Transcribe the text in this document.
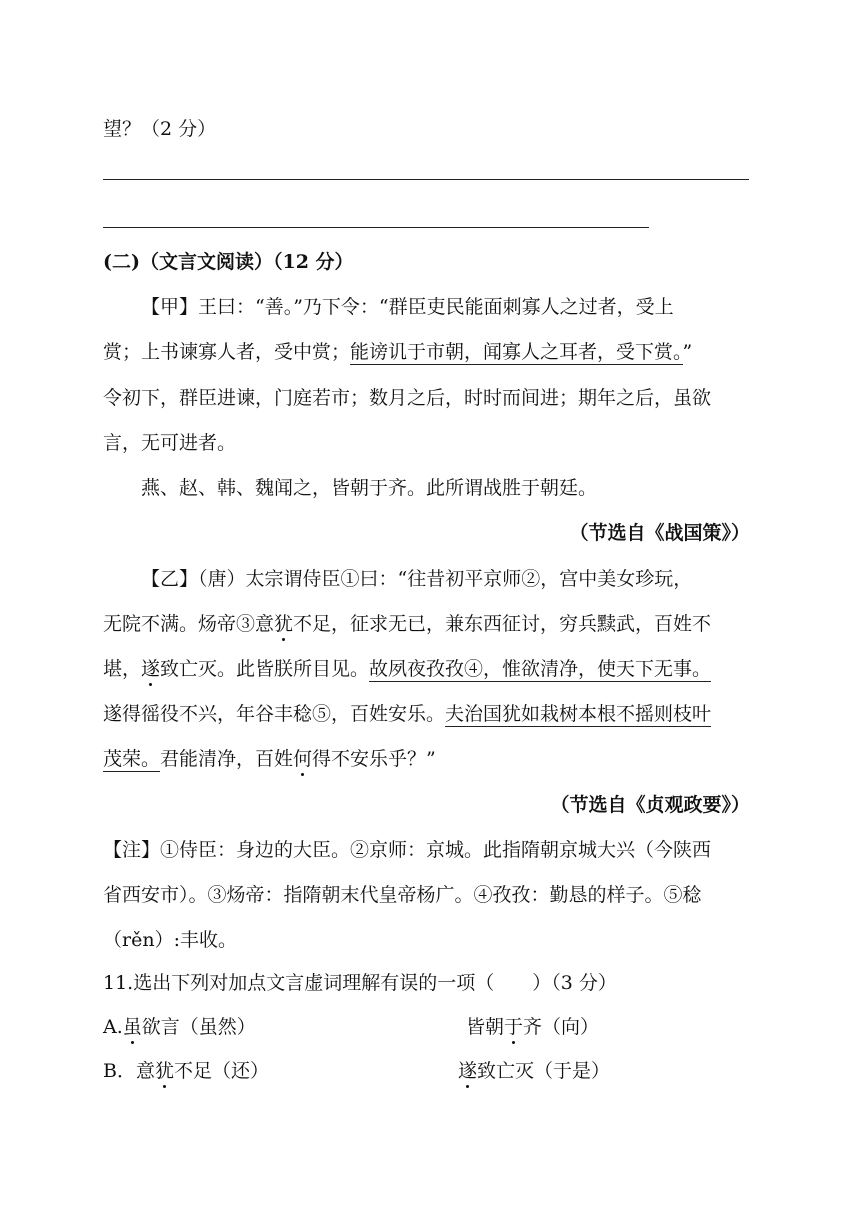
望？（2 分）
(二)（文言文阅读）（12 分）
【甲】王曰：“善。”乃下令：“群臣吏民能面刺寡人之过者，受上
赏；上书谏寡人者，受中赏；能谤讥于市朝，闻寡人之耳者，受下赏。”
令初下，群臣进谏，门庭若市；数月之后，时时而间进；期年之后，虽欲
言，无可进者。
燕、赵、韩、魏闻之，皆朝于齐。此所谓战胜于朝廷。
（节选自《战国策》）
【乙】（唐）太宗谓侍臣①曰：“往昔初平京师②，宫中美女珍玩，
无院不满。炀帝③意犹不足，征求无已，兼东西征讨，穷兵黩武，百姓不
堪，遂致亡灭。此皆朕所目见。故夙夜孜孜④，惟欲清净，使天下无事。
遂得徭役不兴，年谷丰稔⑤，百姓安乐。夫治国犹如栽树本根不摇则枝叶
茂荣。君能清净，百姓何得不安乐乎？”
（节选自《贞观政要》）
【注】①侍臣：身边的大臣。②京师：京城。此指隋朝京城大兴（今陕西
省西安市）。③炀帝：指隋朝末代皇帝杨广。④孜孜：勤恳的样子。⑤稔
（rěn）:丰收。
11.选出下列对加点文言虚词理解有误的一项（　　）（3 分）
A.虽欲言（虽然）	皆朝于齐（向）
B．意犹不足（还）	遂致亡灭（于是）
